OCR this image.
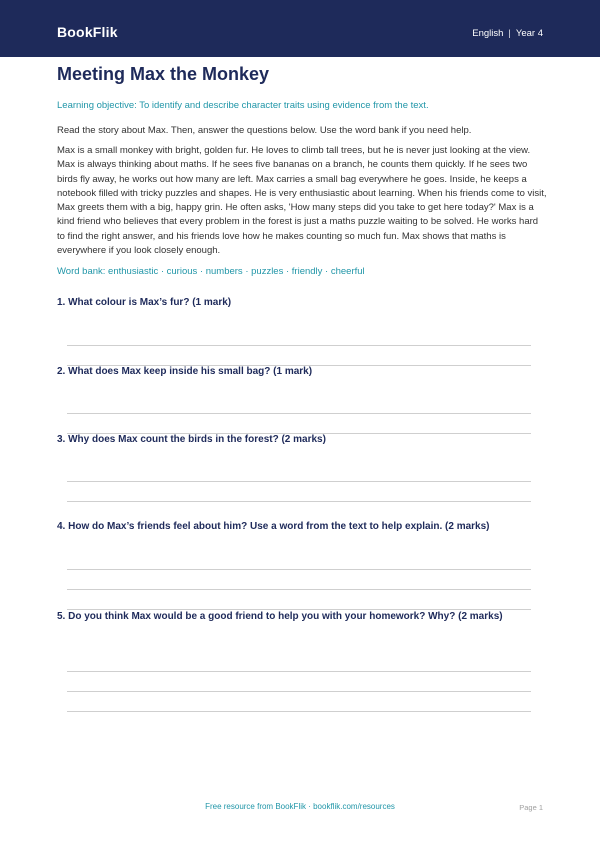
BookFlik	English | Year 4
Meeting Max the Monkey
Learning objective: To identify and describe character traits using evidence from the text.
Read the story about Max. Then, answer the questions below. Use the word bank if you need help.

Max is a small monkey with bright, golden fur. He loves to climb tall trees, but he is never just looking at the view. Max is always thinking about maths. If he sees five bananas on a branch, he counts them quickly. If he sees two birds fly away, he works out how many are left. Max carries a small bag everywhere he goes. Inside, he keeps a notebook filled with tricky puzzles and shapes. He is very enthusiastic about learning. When his friends come to visit, Max greets them with a big, happy grin. He often asks, 'How many steps did you take to get here today?' Max is a kind friend who believes that every problem in the forest is just a maths puzzle waiting to be solved. He works hard to find the right answer, and his friends love how he makes counting so much fun. Max shows that maths is everywhere if you look closely enough.

Word bank: enthusiastic · curious · numbers · puzzles · friendly · cheerful

1. What colour is Max’s fur? (1 mark)

2. What does Max keep inside his small bag? (1 mark)

3. Why does Max count the birds in the forest? (2 marks)

4. How do Max’s friends feel about him? Use a word from the text to help explain. (2 marks)

5. Do you think Max would be a good friend to help you with your homework? Why? (2 marks)

Free resource from BookFlik · bookflik.com/resources	Page 1
